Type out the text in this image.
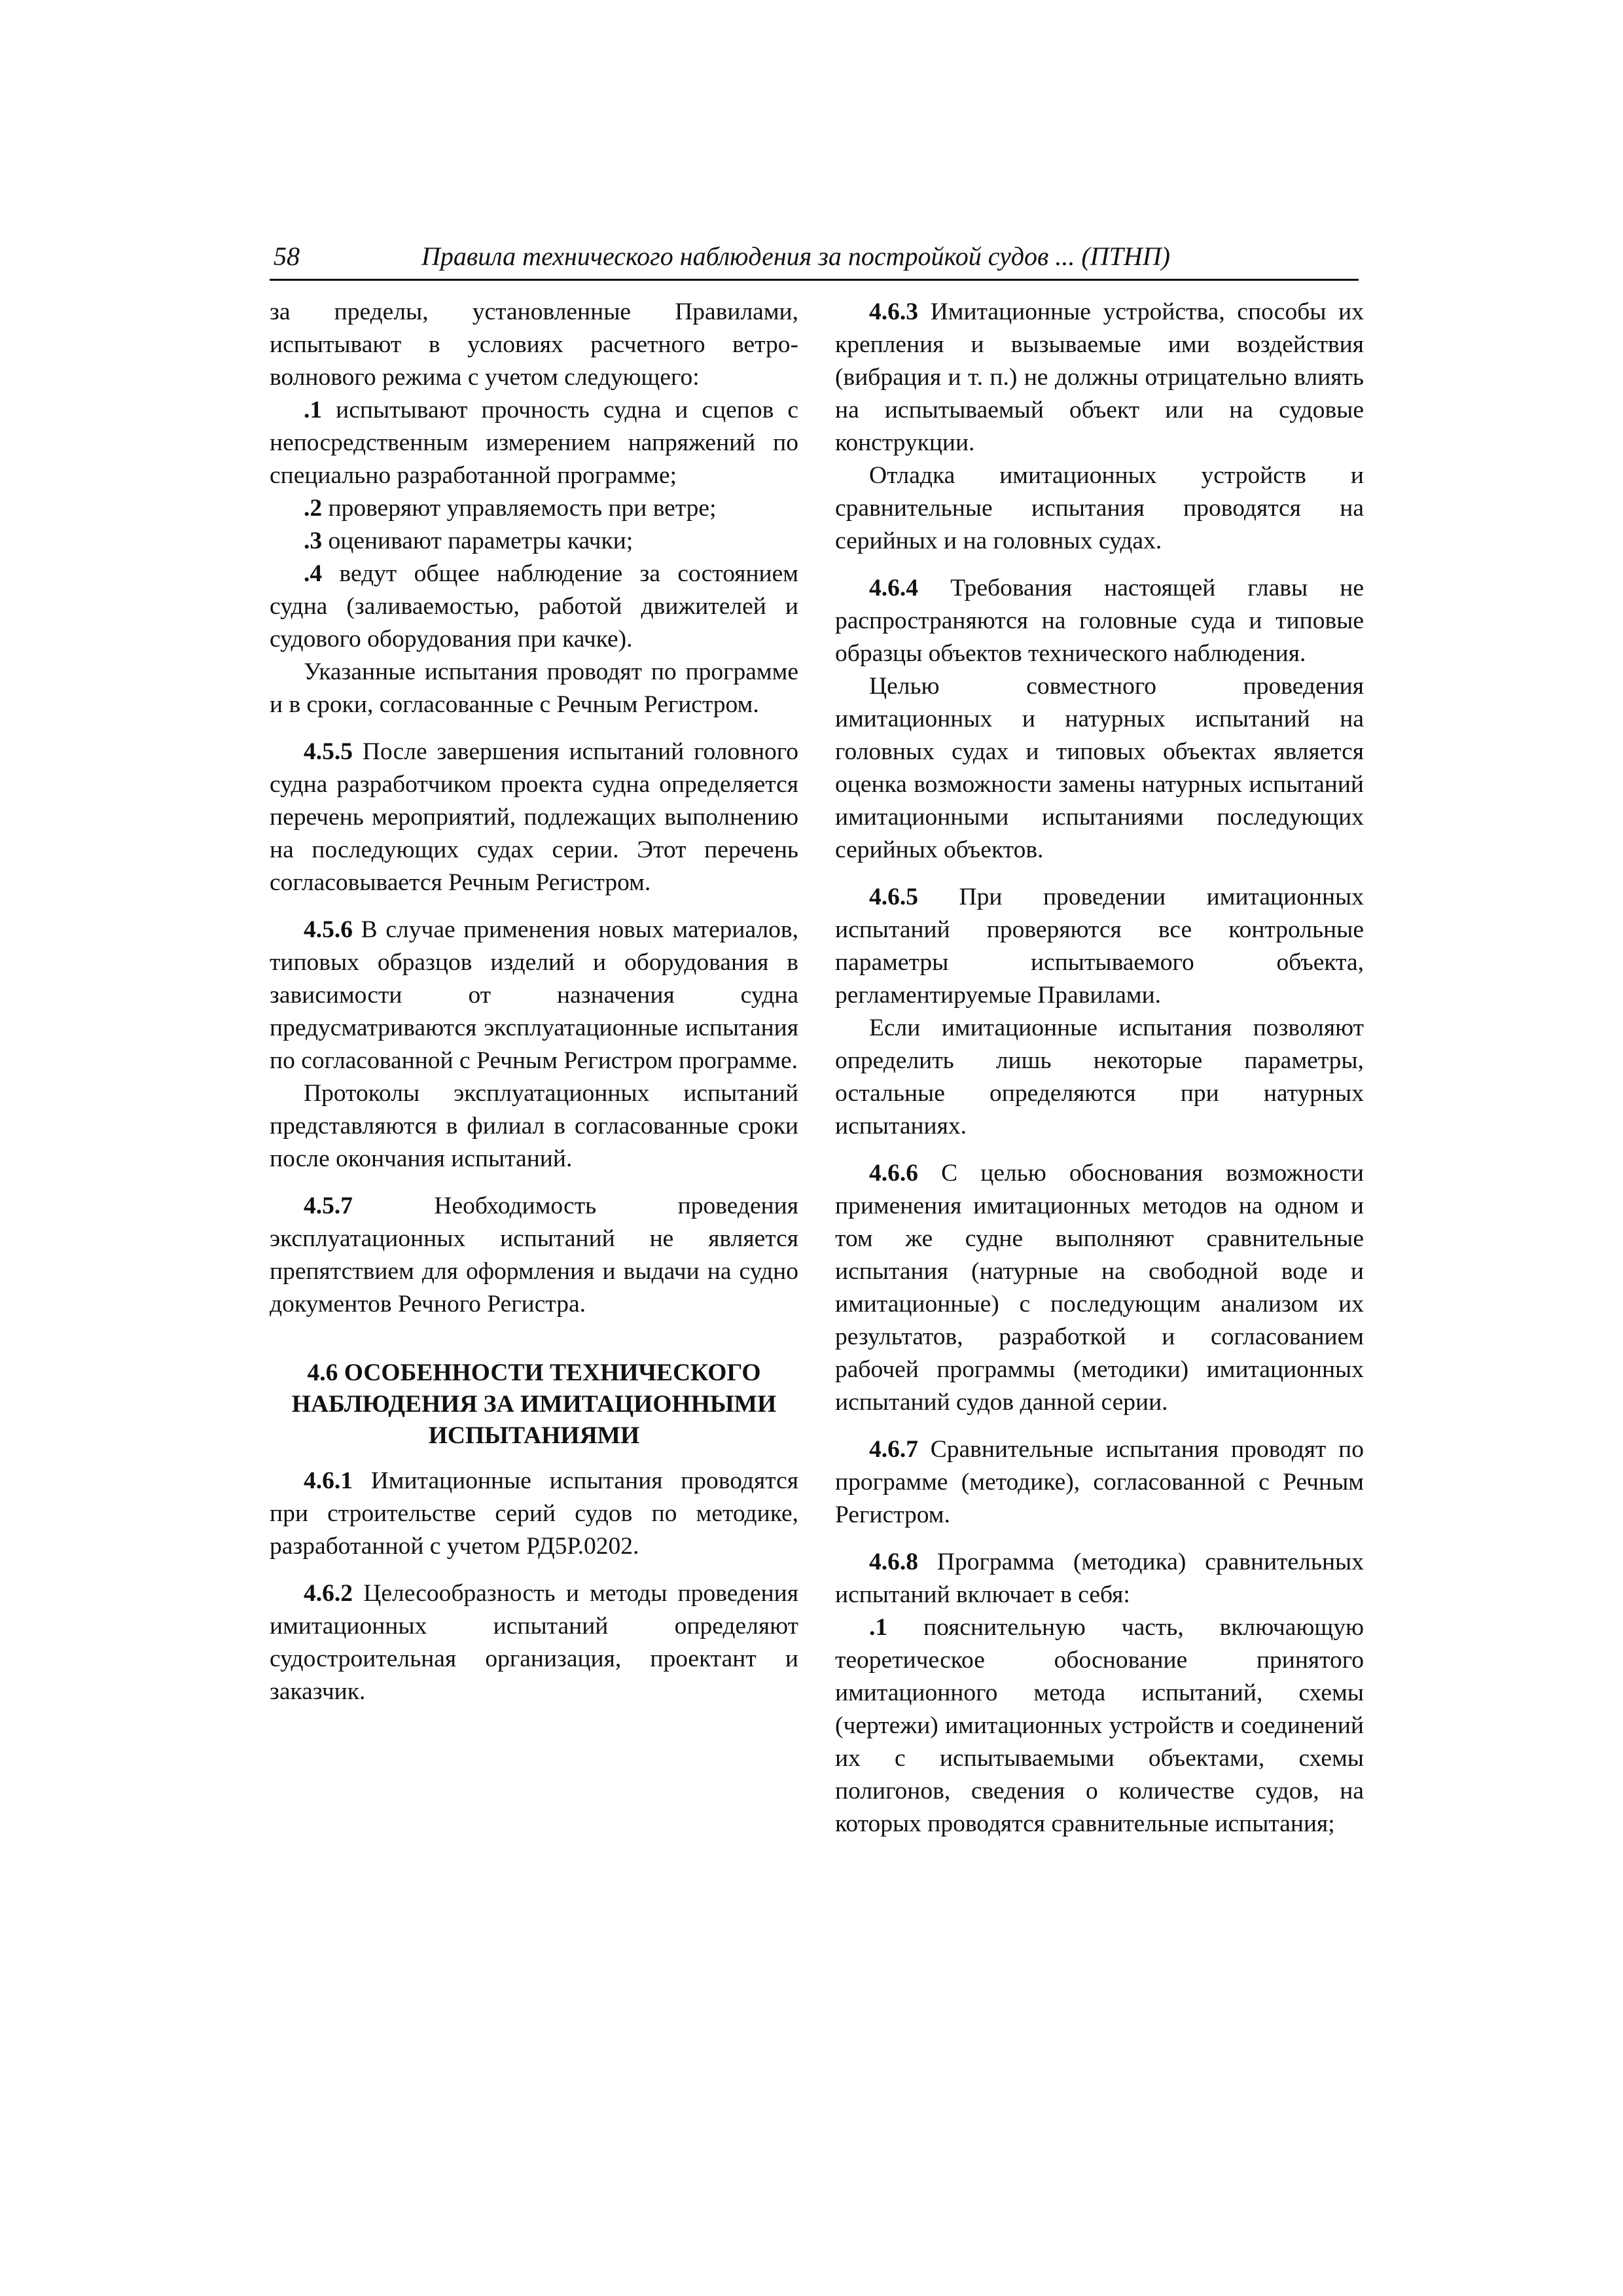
58	Правила технического наблюдения за постройкой судов ... (ПТНП)

за пределы, установленные Правилами, испытывают в условиях расчетного ветро-волнового режима с учетом следующего:

.1 испытывают прочность судна и сцепов с непосредственным измерением напряжений по специально разработанной программе;

.2 проверяют управляемость при ветре;

.3 оценивают параметры качки;

.4 ведут общее наблюдение за состоянием судна (заливаемостью, работой движителей и судового оборудования при качке).

Указанные испытания проводят по программе и в сроки, согласованные с Речным Регистром.

4.5.5 После завершения испытаний головного судна разработчиком проекта судна определяется перечень мероприятий, подлежащих выполнению на последующих судах серии. Этот перечень согласовывается Речным Регистром.

4.5.6 В случае применения новых материалов, типовых образцов изделий и оборудования в зависимости от назначения судна предусматриваются эксплуатационные испытания по согласованной с Речным Регистром программе.

Протоколы эксплуатационных испытаний представляются в филиал в согласованные сроки после окончания испытаний.

4.5.7 Необходимость проведения эксплуатационных испытаний не является препятствием для оформления и выдачи на судно документов Речного Регистра.

4.6 ОСОБЕННОСТИ ТЕХНИЧЕСКОГО НАБЛЮДЕНИЯ ЗА ИМИТАЦИОННЫМИ ИСПЫТАНИЯМИ

4.6.1 Имитационные испытания проводятся при строительстве серий судов по методике, разработанной с учетом РД5Р.0202.

4.6.2 Целесообразность и методы проведения имитационных испытаний определяют судостроительная организация, проектант и заказчик.

4.6.3 Имитационные устройства, способы их крепления и вызываемые ими воздействия (вибрация и т. п.) не должны отрицательно влиять на испытываемый объект или на судовые конструкции.

Отладка имитационных устройств и сравнительные испытания проводятся на серийных и на головных судах.

4.6.4 Требования настоящей главы не распространяются на головные суда и типовые образцы объектов технического наблюдения.

Целью совместного проведения имитационных и натурных испытаний на головных судах и типовых объектах является оценка возможности замены натурных испытаний имитационными испытаниями последующих серийных объектов.

4.6.5 При проведении имитационных испытаний проверяются все контрольные параметры испытываемого объекта, регламентируемые Правилами.

Если имитационные испытания позволяют определить лишь некоторые параметры, остальные определяются при натурных испытаниях.

4.6.6 С целью обоснования возможности применения имитационных методов на одном и том же судне выполняют сравнительные испытания (натурные на свободной воде и имитационные) с последующим анализом их результатов, разработкой и согласованием рабочей программы (методики) имитационных испытаний судов данной серии.

4.6.7 Сравнительные испытания проводят по программе (методике), согласованной с Речным Регистром.

4.6.8 Программа (методика) сравнительных испытаний включает в себя:

.1 пояснительную часть, включающую теоретическое обоснование принятого имитационного метода испытаний, схемы (чертежи) имитационных устройств и соединений их с испытываемыми объектами, схемы полигонов, сведения о количестве судов, на которых проводятся сравнительные испытания;
